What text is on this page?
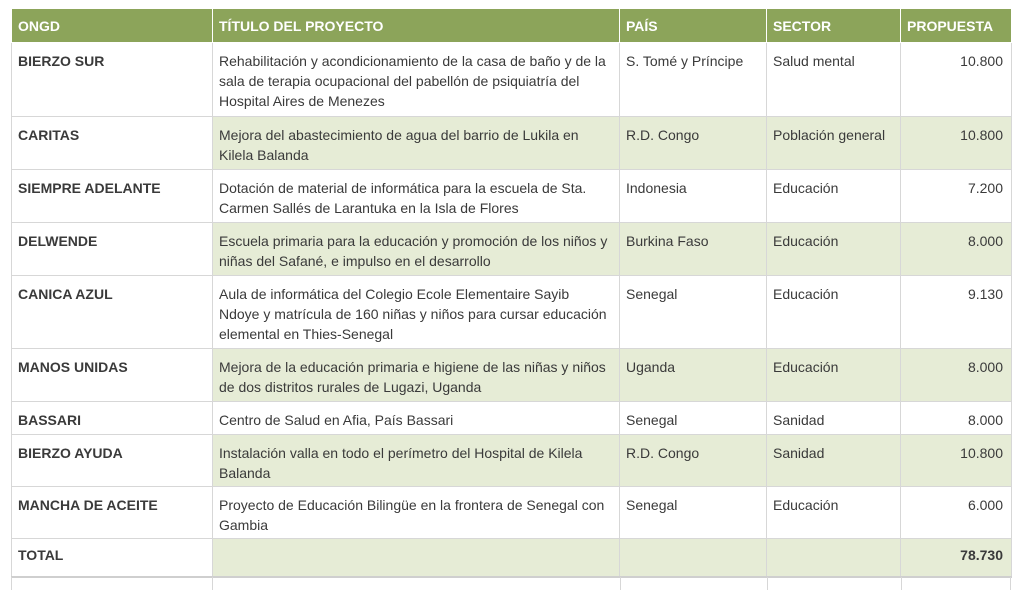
ONGD	TÍTULO DEL PROYECTO	PAÍS	SECTOR	PROPUESTA
BIERZO SUR	Rehabilitación y acondicionamiento de la casa de baño y de la sala de terapia ocupacional del pabellón de psiquiatría del Hospital Aires de Menezes	S. Tomé y Príncipe	Salud mental	10.800
CARITAS	Mejora del abastecimiento de agua del barrio de Lukila en Kilela Balanda	R.D. Congo	Población general	10.800
SIEMPRE ADELANTE	Dotación de material de informática para la escuela de Sta. Carmen Sallés de Larantuka en la Isla de Flores	Indonesia	Educación	7.200
DELWENDE	Escuela primaria para la educación y promoción de los niños y niñas del Safané, e impulso en el desarrollo	Burkina Faso	Educación	8.000
CANICA AZUL	Aula de informática del Colegio Ecole Elementaire Sayib Ndoye y matrícula de 160 niñas y niños para cursar educación elemental en Thies-Senegal	Senegal	Educación	9.130
MANOS UNIDAS	Mejora de la educación primaria e higiene de las niñas y niños de dos distritos rurales de Lugazi, Uganda	Uganda	Educación	8.000
BASSARI	Centro de Salud en Afia, País Bassari	Senegal	Sanidad	8.000
BIERZO AYUDA	Instalación valla en todo el perímetro del Hospital de Kilela Balanda	R.D. Congo	Sanidad	10.800
MANCHA DE ACEITE	Proyecto de Educación Bilingüe en la frontera de Senegal con Gambia	Senegal	Educación	6.000
TOTAL				78.730
